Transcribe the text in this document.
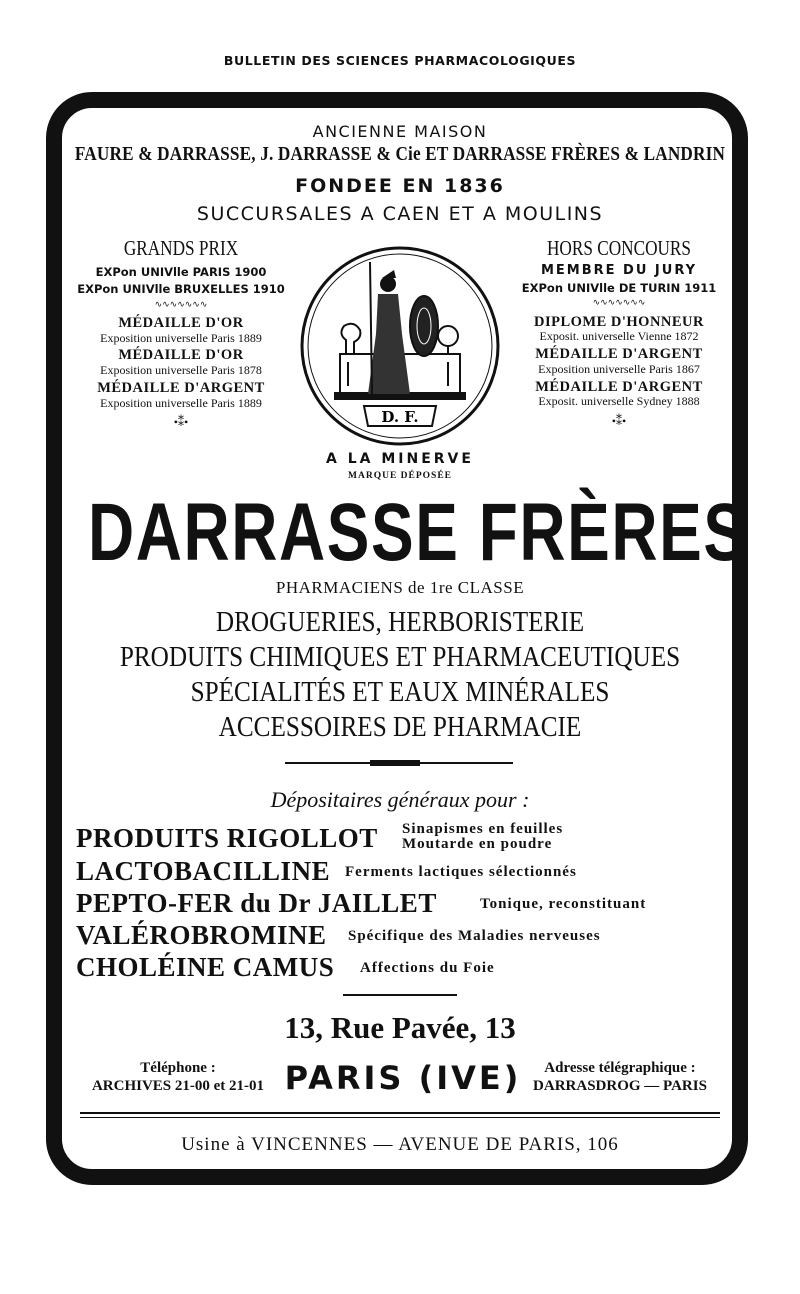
BULLETIN DES SCIENCES PHARMACOLOGIQUES
ANCIENNE MAISON
FAURE & DARRASSE, J. DARRASSE & Cie ET DARRASSE FRÈRES & LANDRIN
FONDEE EN 1836
SUCCURSALES A CAEN ET A MOULINS
GRANDS PRIX
EXPon UNIVlle PARIS 1900
EXPon UNIVlle BRUXELLES 1910
∿∿∿∿∿∿∿
MÉDAILLE D'OR
Exposition universelle Paris 1889
MÉDAILLE D'OR
Exposition universelle Paris 1878
MÉDAILLE D'ARGENT
Exposition universelle Paris 1889
•⁑•
HORS CONCOURS
MEMBRE DU JURY
EXPon UNIVlle DE TURIN 1911
∿∿∿∿∿∿∿
DIPLOME D'HONNEUR
Exposit. universelle Vienne 1872
MÉDAILLE D'ARGENT
Exposition universelle Paris 1867
MÉDAILLE D'ARGENT
Exposit. universelle Sydney 1888
•⁑•
D. F.
A LA MINERVE
MARQUE DÉPOSÉE
DARRASSE FRÈRES
PHARMACIENS de 1re CLASSE
DROGUERIES, HERBORISTERIE
PRODUITS CHIMIQUES ET PHARMACEUTIQUES
SPÉCIALITÉS ET EAUX MINÉRALES
ACCESSOIRES DE PHARMACIE
Dépositaires généraux pour :
PRODUITS RIGOLLOT Sinapismes en feuilles
Moutarde en poudre
LACTOBACILLINE Ferments lactiques sélectionnés
PEPTO-FER du Dr JAILLET	Tonique, reconstituant
VALÉROBROMINE Spécifique des Maladies nerveuses
CHOLÉINE CAMUS Affections du Foie
13, Rue Pavée, 13
Téléphone :
ARCHIVES 21-00 et 21-01 PARIS (IVE)	Adresse télégraphique :
DARRASDROG — PARIS
Usine à VINCENNES — AVENUE DE PARIS, 106
